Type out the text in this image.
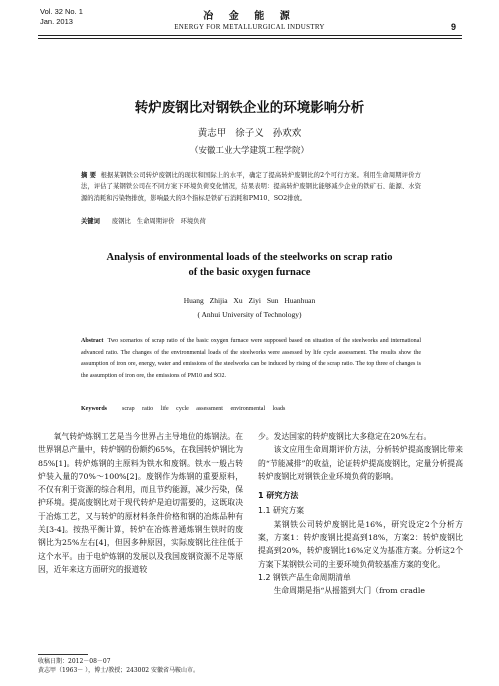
Vol. 32 No. 1
Jan. 2013	冶 金 能 源
ENERGY FOR METALLURGICAL INDUSTRY	9
转炉废钢比对钢铁企业的环境影响分析
黄志甲 徐子义 孙欢欢
（安徽工业大学建筑工程学院）
摘 要 根据某钢铁公司转炉废钢比的现状和国际上的水平，确定了提高转炉废钢比的2个可行方案。利用生命周期评价方法，评估了某钢铁公司在不同方案下环境负荷变化情况，结果表明：提高转炉废钢比能够减少企业的铁矿石、能源、水资源的消耗和污染物排放，影响最大的3个指标是铁矿石消耗和PM10、SO2排放。
关键词 废钢比 生命周期评价 环境负荷
Analysis of environmental loads of the steelworks on scrap ratio
of the basic oxygen furnace
Huang Zhijia Xu Ziyi Sun Huanhuan
( Anhui University of Technology)
Abstract Two scenarios of scrap ratio of the basic oxygen furnace were supposed based on situation of the steelworks and international advanced ratio. The changes of the environmental loads of the steelworks were assessed by life cycle assessment. The results show the assumption of iron ore, energy, water and emissions of the steelworks can be induced by rising of the scrap ratio. The top three of changes is the assumption of iron ore, the emissions of PM10 and SO2.
Keywords	scrap ratio life cycle assessment environmental loads

氧气转炉炼钢工艺是当今世界占主导地位的炼钢法。在世界钢总产量中，转炉钢的份额约65%，在我国转炉钢比为85%[1]。转炉炼钢的主原料为铁水和废钢。铁水一般占转炉装入量的70%～100%[2]。废钢作为炼钢的重要原料，不仅有利于资源的综合利用，而且节约能源，减少污染，保护环境。提高废钢比对于现代转炉是迫切需要的，这既取决于冶炼工艺，又与转炉的原材料条件价格和钢的冶炼品种有关[3-4]。按热平衡计算，转炉在冶炼普通炼钢生铁时的废钢比为25%左右[4]，但因多种原因，实际废钢比往往低于这个水平。由于电炉炼钢的发展以及我国废钢资源不足等原因，近年来这方面研究的报道较

少。发达国家的转炉废钢比大多稳定在20%左右。

该文应用生命周期评价方法，分析转炉提高废钢比带来的“节能减排”的收益，论证转炉提高废钢比，定量分析提高转炉废钢比对钢铁企业环境负荷的影响。

1 研究方法
1.1 研究方案

某钢铁公司转炉废钢比是16%，研究设定2个分析方案，方案1：转炉废钢比提高到18%，方案2：转炉废钢比提高到20%，转炉废钢比16%定义为基准方案。分析这2个方案下某钢铁公司的主要环境负荷较基准方案的变化。

1.2 钢铁产品生命周期清单

生命周期是指“从摇篮到大门（from cradle

收稿日期：2012－08－07
黄志甲（1963－ ），博士/教授；243002 安徽省马鞍山市。
